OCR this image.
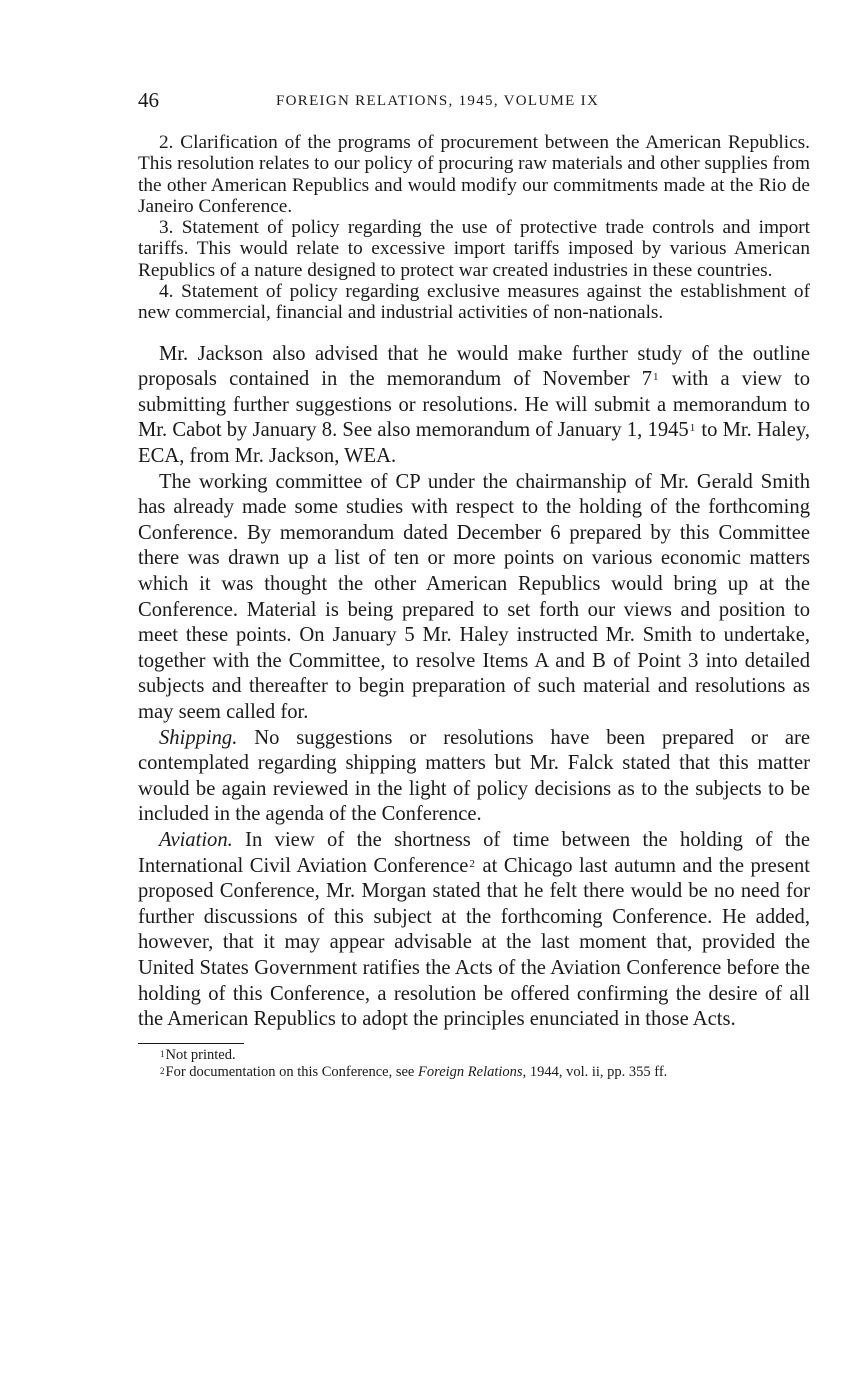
46	FOREIGN RELATIONS, 1945, VOLUME IX

2. Clarification of the programs of procurement between the American Republics. This resolution relates to our policy of procuring raw materials and other supplies from the other American Republics and would modify our commitments made at the Rio de Janeiro Conference.

3. Statement of policy regarding the use of protective trade controls and import tariffs. This would relate to excessive import tariffs imposed by various American Republics of a nature designed to protect war created industries in these countries.

4. Statement of policy regarding exclusive measures against the establishment of new commercial, financial and industrial activities of non-nationals.

Mr. Jackson also advised that he would make further study of the outline proposals contained in the memorandum of November $7^1$ with a view to submitting further suggestions or resolutions. He will submit a memorandum to Mr. Cabot by January 8. See also memorandum of January 1, 1945$^1$ to Mr. Haley, ECA, from Mr. Jackson, WEA.

The working committee of CP under the chairmanship of Mr. Gerald Smith has already made some studies with respect to the holding of the forthcoming Conference. By memorandum dated December 6 prepared by this Committee there was drawn up a list of ten or more points on various economic matters which it was thought the other American Republics would bring up at the Conference. Material is being prepared to set forth our views and position to meet these points. On January 5 Mr. Haley instructed Mr. Smith to undertake, together with the Committee, to resolve Items A and B of Point 3 into detailed subjects and thereafter to begin preparation of such material and resolutions as may seem called for.

Shipping. No suggestions or resolutions have been prepared or are contemplated regarding shipping matters but Mr. Falck stated that this matter would be again reviewed in the light of policy decisions as to the subjects to be included in the agenda of the Conference.

Aviation. In view of the shortness of time between the holding of the International Civil Aviation Conference$^2$ at Chicago last autumn and the present proposed Conference, Mr. Morgan stated that he felt there would be no need for further discussions of this subject at the forthcoming Conference. He added, however, that it may appear advisable at the last moment that, provided the United States Government ratifies the Acts of the Aviation Conference before the holding of this Conference, a resolution be offered confirming the desire of all the American Republics to adopt the principles enunciated in those Acts.

$^1$Not printed.

$^2$For documentation on this Conference, see Foreign Relations, 1944, vol. ii, pp. 355 ff.
